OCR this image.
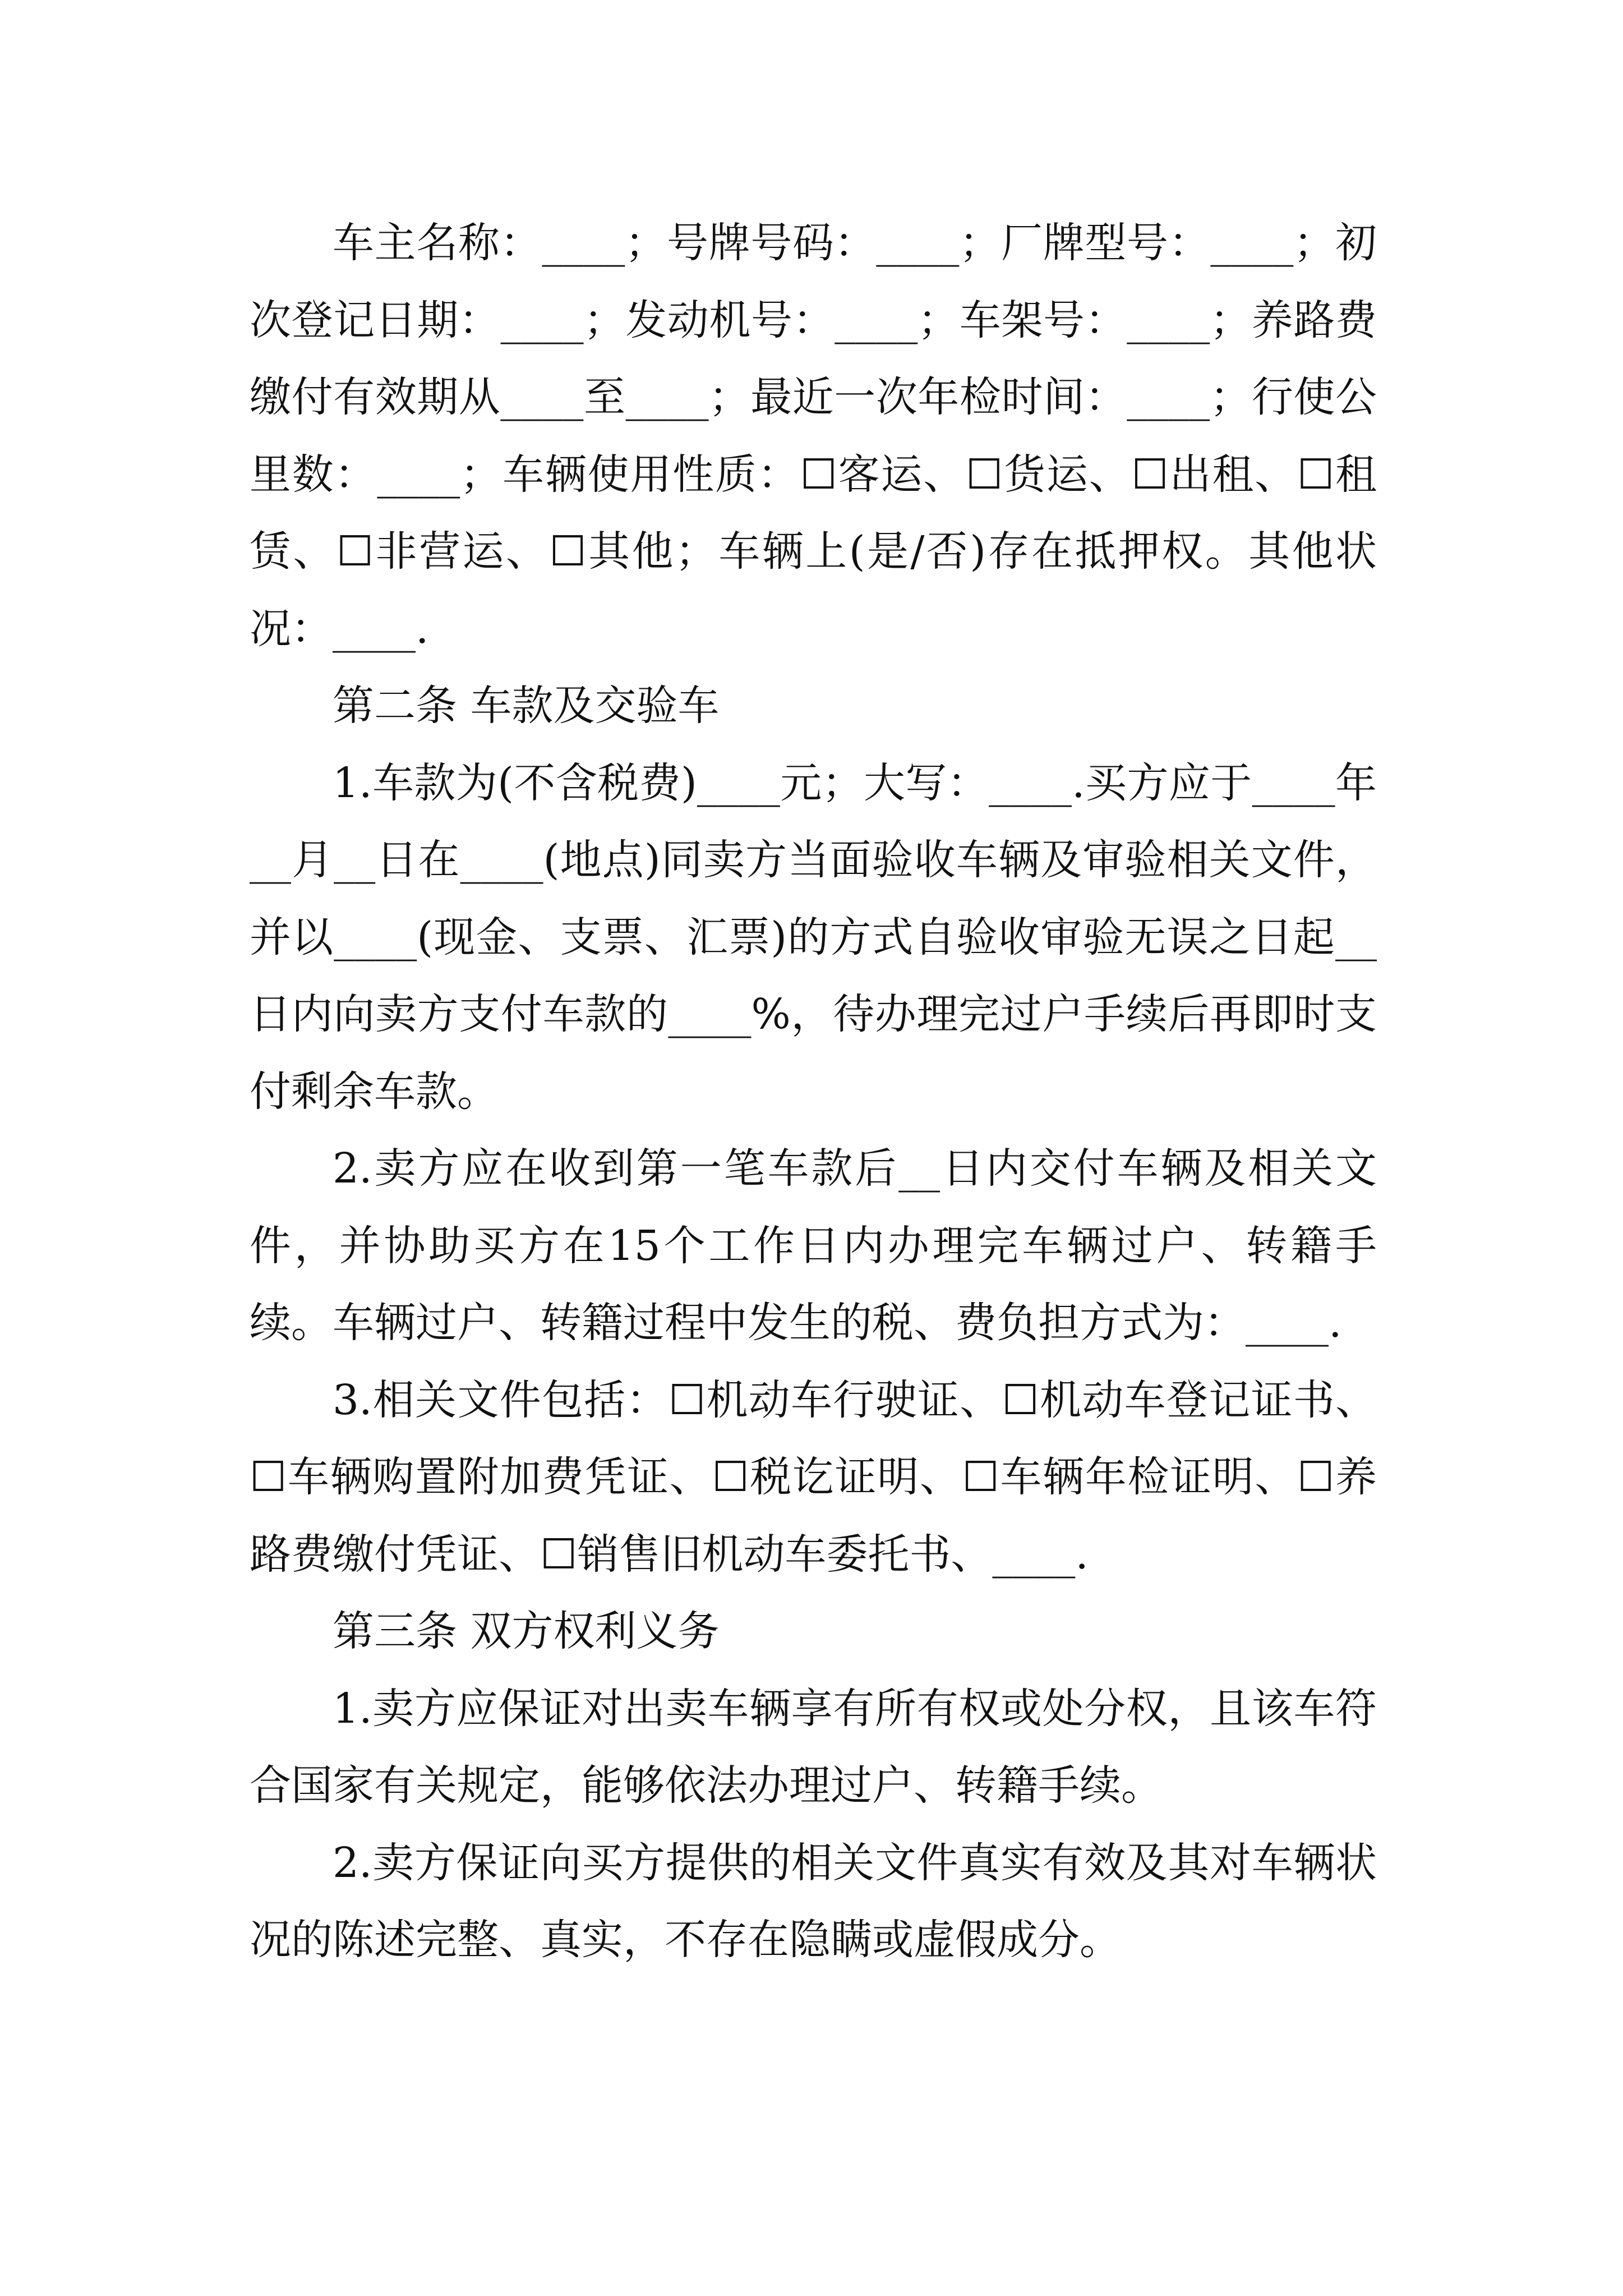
车主名称：____；号牌号码：____；厂牌型号：____；初次登记日期：____；发动机号：____；车架号：____；养路费缴付有效期从____至____；最近一次年检时间：____；行使公里数：____；车辆使用性质：☐客运、☐货运、☐出租、☐租赁、☐非营运、☐其他；车辆上(是/否)存在抵押权。其他状况：____.

第二条 车款及交验车

1.车款为(不含税费)____元；大写：____.买方应于____年__月__日在____(地点)同卖方当面验收车辆及审验相关文件，并以____(现金、支票、汇票)的方式自验收审验无误之日起__日内向卖方支付车款的____%，待办理完过户手续后再即时支付剩余车款。

2.卖方应在收到第一笔车款后__日内交付车辆及相关文件，并协助买方在15个工作日内办理完车辆过户、转籍手续。车辆过户、转籍过程中发生的税、费负担方式为：____.

3.相关文件包括：☐机动车行驶证、☐机动车登记证书、☐车辆购置附加费凭证、☐税讫证明、☐车辆年检证明、☐养路费缴付凭证、☐销售旧机动车委托书、____.

第三条 双方权利义务

1.卖方应保证对出卖车辆享有所有权或处分权，且该车符合国家有关规定，能够依法办理过户、转籍手续。

2.卖方保证向买方提供的相关文件真实有效及其对车辆状况的陈述完整、真实，不存在隐瞒或虚假成分。
